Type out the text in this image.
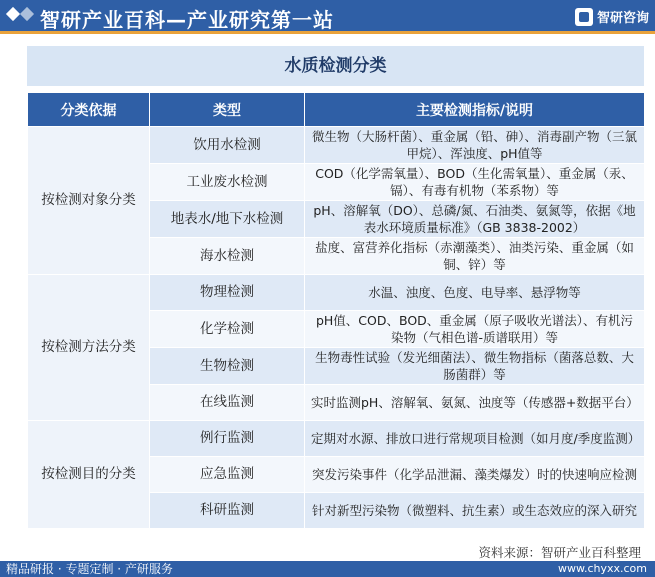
智研产业百科—产业研究第一站	智研咨询
水质检测分类
分类依据	类型	主要检测指标/说明
按检测对象分类	饮用水检测	微生物（大肠杆菌）、重金属（铅、砷）、消毒副产物（三氯甲烷）、浑浊度、pH值等
	工业废水检测	COD（化学需氧量）、BOD（生化需氧量）、重金属（汞、镉）、有毒有机物（苯系物）等
	地表水/地下水检测	pH、溶解氧（DO）、总磷/氮、石油类、氨氮等，依据《地表水环境质量标准》（GB 3838-2002）
	海水检测	盐度、富营养化指标（赤潮藻类）、油类污染、重金属（如铜、锌）等
按检测方法分类	物理检测	水温、浊度、色度、电导率、悬浮物等
	化学检测	pH值、COD、BOD、重金属（原子吸收光谱法）、有机污染物（气相色谱-质谱联用）等
	生物检测	生物毒性试验（发光细菌法）、微生物指标（菌落总数、大肠菌群）等
	在线监测	实时监测pH、溶解氧、氨氮、浊度等（传感器+数据平台）
按检测目的分类	例行监测	定期对水源、排放口进行常规项目检测（如月度/季度监测）
	应急监测	突发污染事件（化学品泄漏、藻类爆发）时的快速响应检测
	科研监测	针对新型污染物（微塑料、抗生素）或生态效应的深入研究
资料来源：智研产业百科整理
精品研报 · 专题定制 · 产研服务	www.chyxx.com
